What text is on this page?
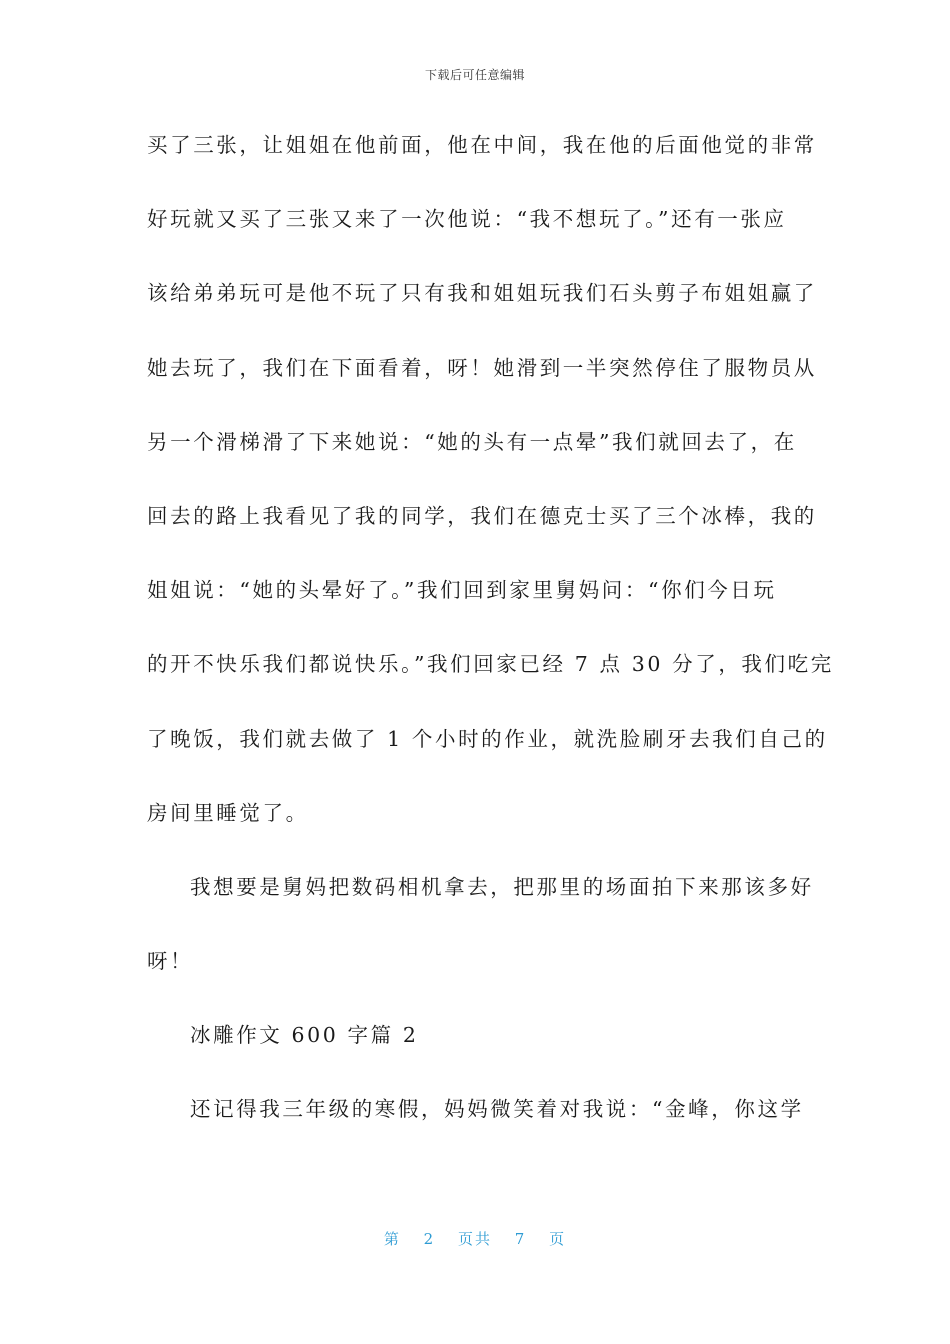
下载后可任意编辑
买了三张，让姐姐在他前面，他在中间，我在他的后面他觉的非常
好玩就又买了三张又来了一次他说：“我不想玩了。”还有一张应
该给弟弟玩可是他不玩了只有我和姐姐玩我们石头剪子布姐姐赢了
她去玩了，我们在下面看着，呀！她滑到一半突然停住了服物员从
另一个滑梯滑了下来她说：“她的头有一点晕”我们就回去了，在
回去的路上我看见了我的同学，我们在德克士买了三个冰棒，我的
姐姐说：“她的头晕好了。”我们回到家里舅妈问：“你们今日玩
的开不快乐我们都说快乐。”我们回家已经 7 点 30 分了，我们吃完
了晚饭，我们就去做了 1 个小时的作业，就洗脸刷牙去我们自己的
房间里睡觉了。
我想要是舅妈把数码相机拿去，把那里的场面拍下来那该多好
呀！
冰雕作文 600 字篇 2
还记得我三年级的寒假，妈妈微笑着对我说：“金峰，你这学
第 2 页共 7 页
